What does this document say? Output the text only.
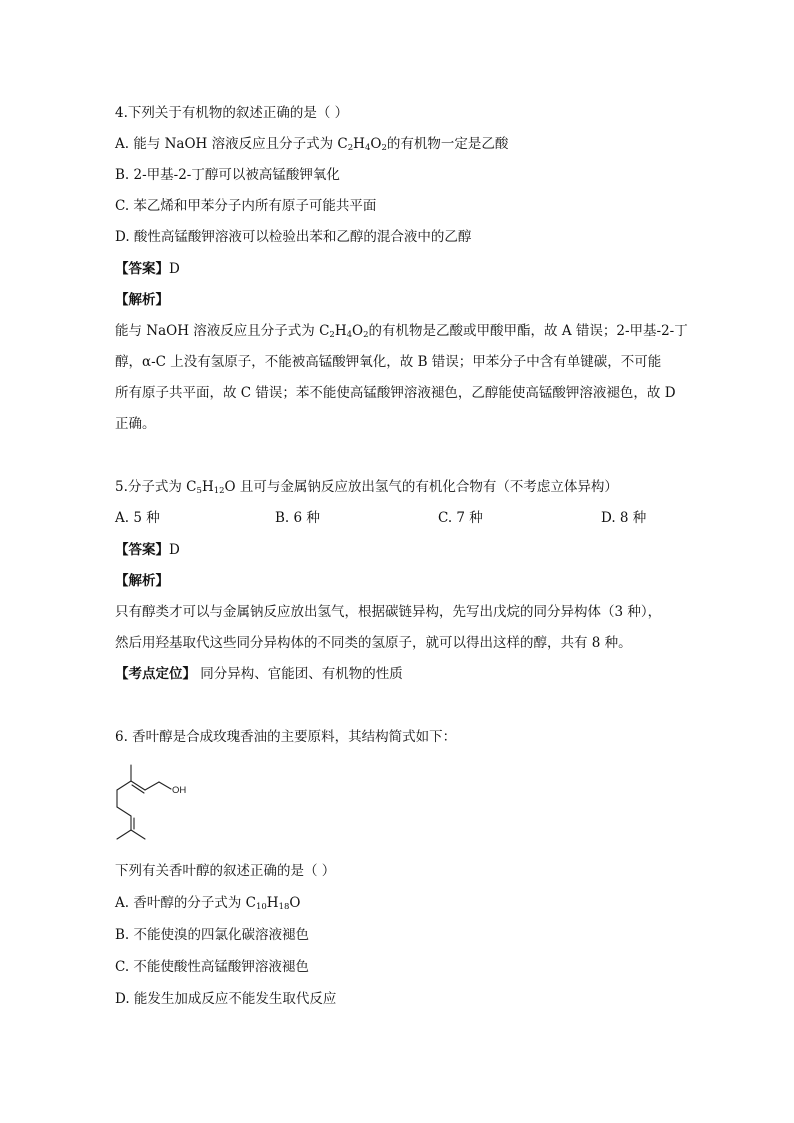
4.下列关于有机物的叙述正确的是（ ）
A. 能与 NaOH 溶液反应且分子式为 $C_2H_4O_2$的有机物一定是乙酸
B. 2-甲基-2-丁醇可以被高锰酸钾氧化
C. 苯乙烯和甲苯分子内所有原子可能共平面
D. 酸性高锰酸钾溶液可以检验出苯和乙醇的混合液中的乙醇
【答案】D
【解析】
能与 NaOH 溶液反应且分子式为 $C_2H_4O_2$的有机物是乙酸或甲酸甲酯，故 A 错误；2-甲基-2-丁
醇，α-C 上没有氢原子，不能被高锰酸钾氧化，故 B 错误；甲苯分子中含有单键碳，不可能
所有原子共平面，故 C 错误；苯不能使高锰酸钾溶液褪色，乙醇能使高锰酸钾溶液褪色，故 D
正确。
5.分子式为 $C_5H_{12}O$ 且可与金属钠反应放出氢气的有机化合物有（不考虑立体异构）
A. 5 种	B. 6 种	C. 7 种	D. 8 种
【答案】D
【解析】
只有醇类才可以与金属钠反应放出氢气，根据碳链异构，先写出戊烷的同分异构体（3 种），
然后用羟基取代这些同分异构体的不同类的氢原子，就可以得出这样的醇，共有 8 种。
【考点定位】 同分异构、官能团、有机物的性质
6. 香叶醇是合成玫瑰香油的主要原料，其结构简式如下：
OH
下列有关香叶醇的叙述正确的是（ ）
A. 香叶醇的分子式为 $C_{10}H_{18}O$
B. 不能使溴的四氯化碳溶液褪色
C. 不能使酸性高锰酸钾溶液褪色
D. 能发生加成反应不能发生取代反应
